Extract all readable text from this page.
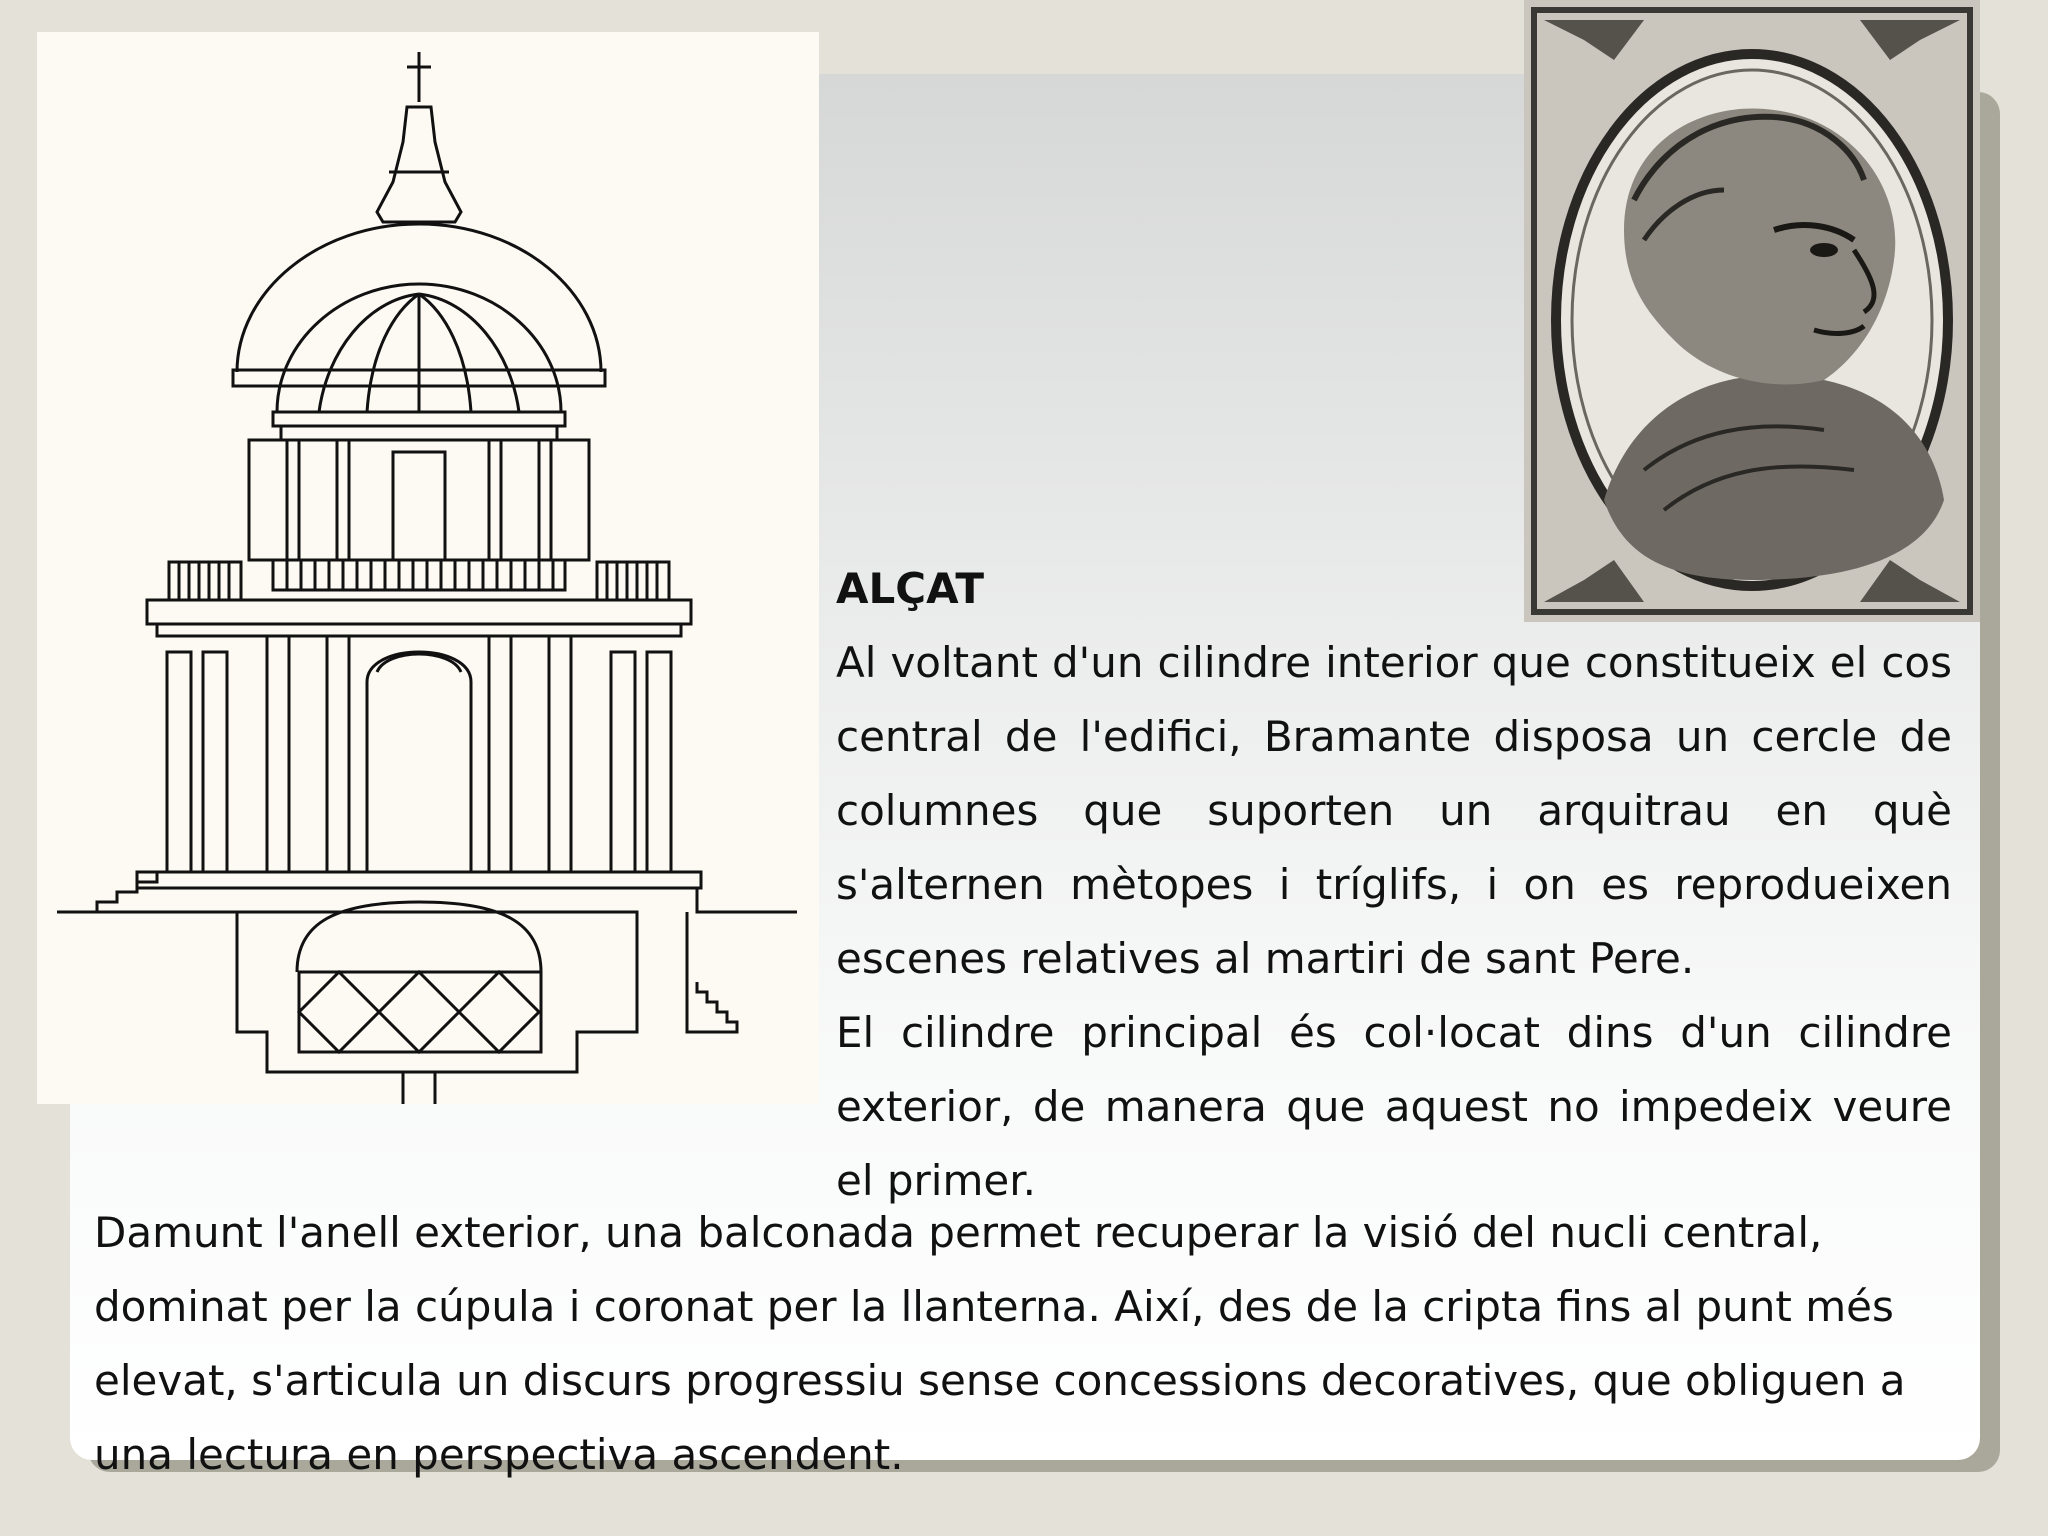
ALÇAT

Al voltant d'un cilindre interior que constitueix el cos central de l'edifici, Bramante disposa un cercle de columnes que suporten un arquitrau en què s'alternen mètopes i tríglifs, i on es reprodueixen escenes relatives al martiri de sant Pere.

El cilindre principal és col·locat dins d'un cilindre exterior, de manera que aquest no impedeix veure el primer.

Damunt l'anell exterior, una balconada permet recuperar la visió del nucli central, dominat per la cúpula i coronat per la llanterna. Així, des de la cripta fins al punt més elevat, s'articula un discurs progressiu sense concessions decoratives, que obliguen a una lectura en perspectiva ascendent.
